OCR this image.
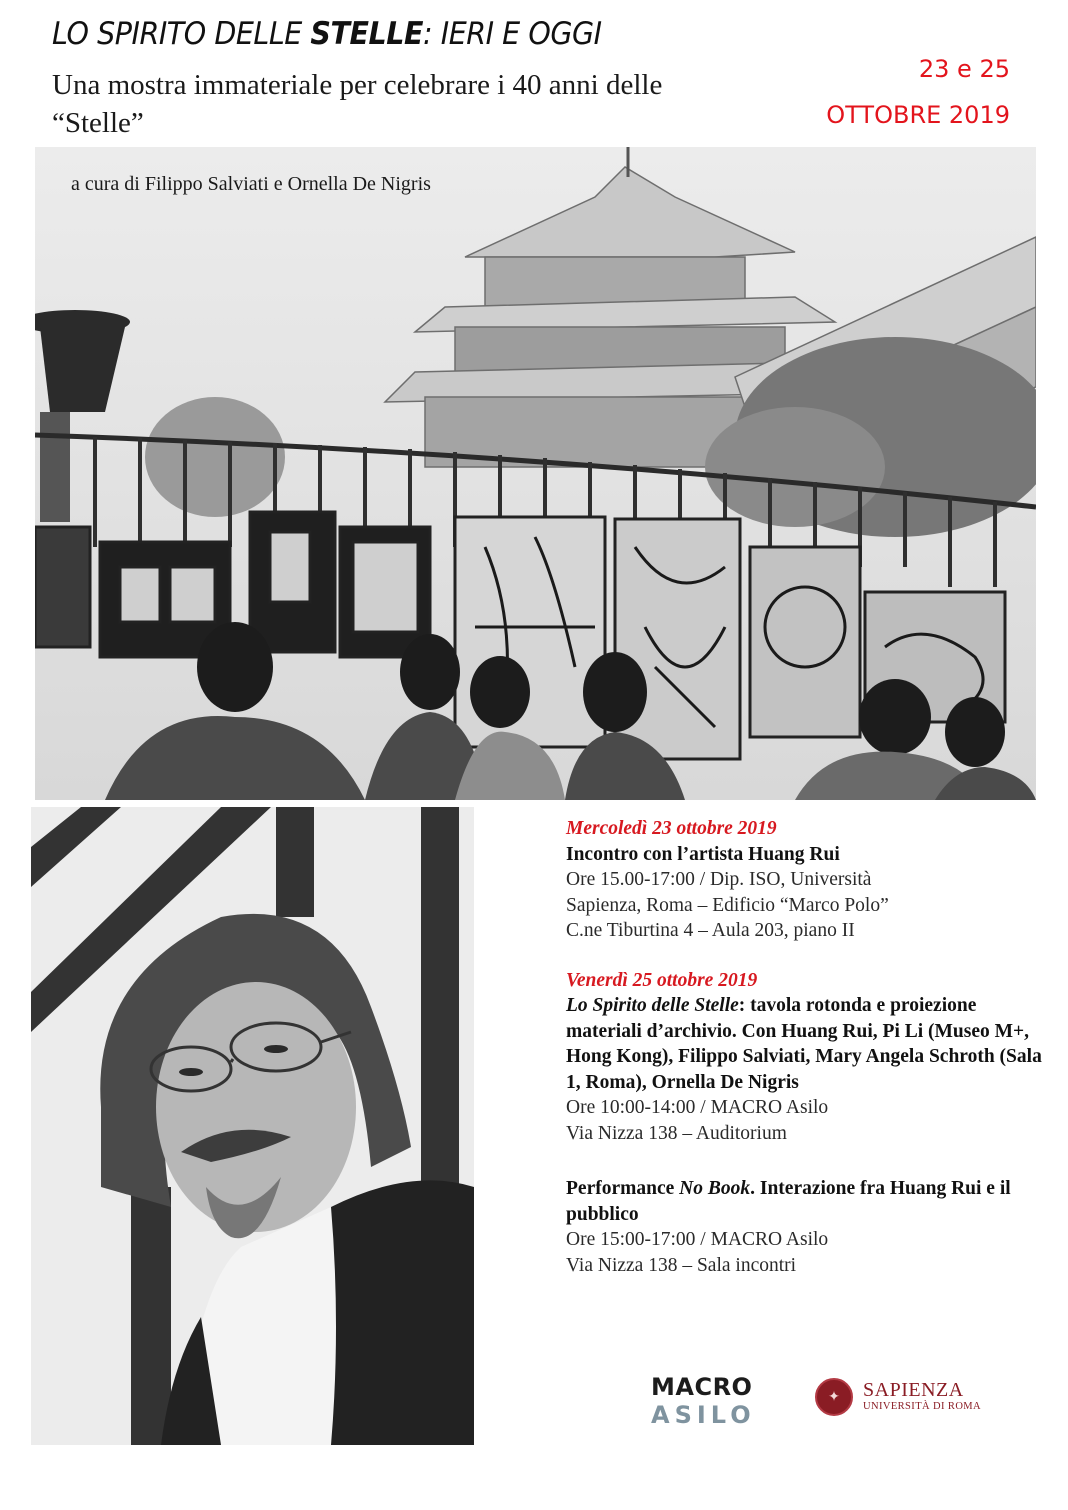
LO SPIRITO DELLE STELLE: IERI E OGGI
Una mostra immateriale per celebrare i 40 anni delle “Stelle”
23 e 25
OTTOBRE 2019
a cura di Filippo Salviati e Ornella De Nigris
Mercoledì 23 ottobre 2019
Incontro con l’artista Huang Rui
Ore 15.00-17:00 / Dip. ISO, Università
Sapienza, Roma – Edificio “Marco Polo”
C.ne Tiburtina 4 – Aula 203, piano II
Venerdì 25 ottobre 2019
Lo Spirito delle Stelle: tavola rotonda e proiezione materiali d’archivio. Con Huang Rui, Pi Li (Museo M+, Hong Kong), Filippo Salviati, Mary Angela Schroth (Sala 1, Roma), Ornella De Nigris
Ore 10:00-14:00 / MACRO Asilo
Via Nizza 138 – Auditorium
Performance No Book. Interazione fra Huang Rui e il pubblico
Ore 15:00-17:00 / MACRO Asilo
Via Nizza 138 – Sala incontri
MACRO
ASILO
✦	SAPIENZA
UNIVERSITÀ DI ROMA
